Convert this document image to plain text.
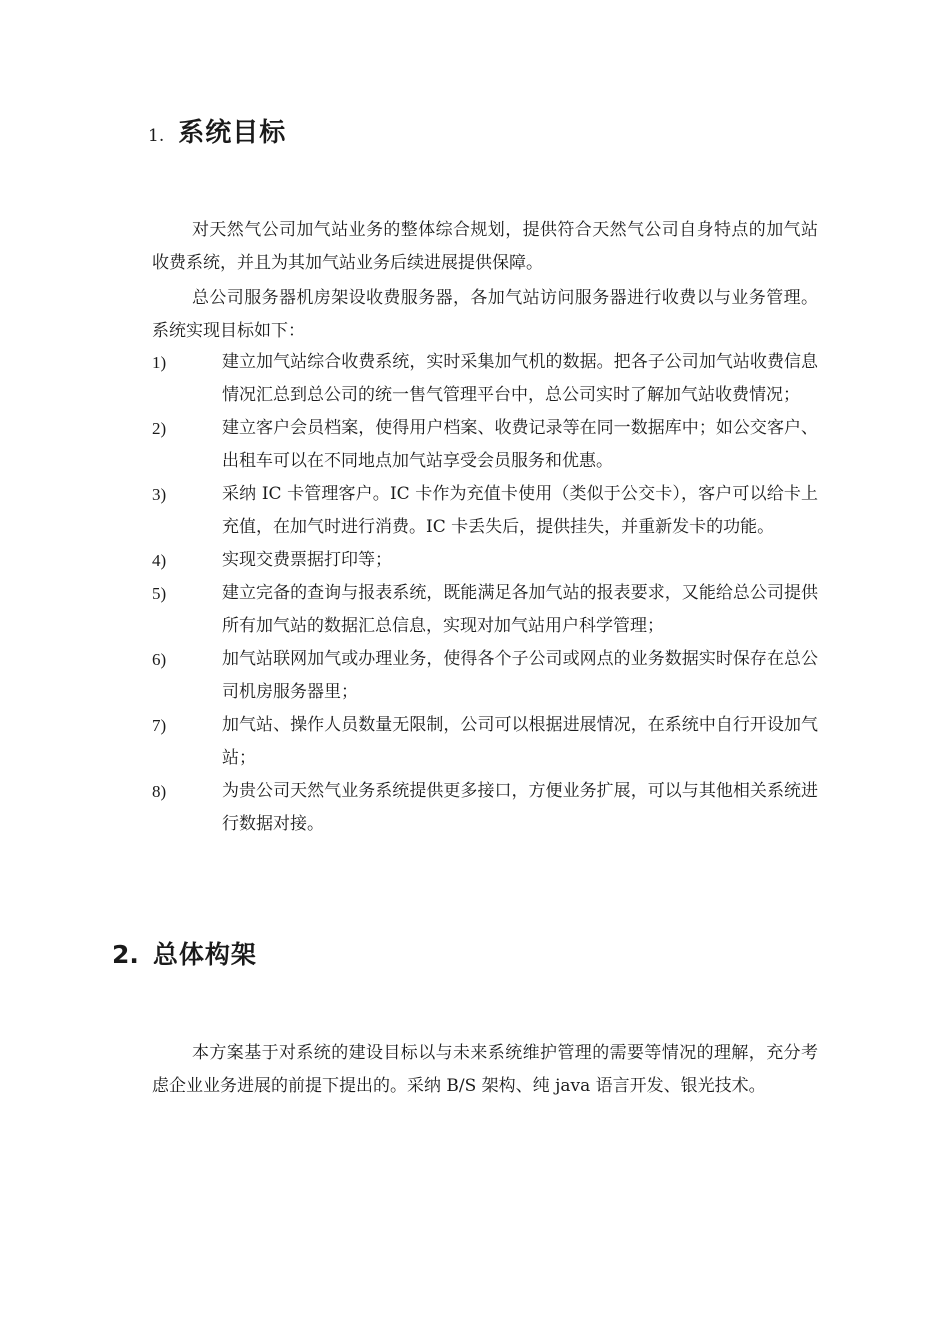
1. 系统目标
对天然气公司加气站业务的整体综合规划，提供符合天然气公司自身特点的加气站收费系统，并且为其加气站业务后续进展提供保障。
总公司服务器机房架设收费服务器，各加气站访问服务器进行收费以与业务管理。系统实现目标如下：
1)	建立加气站综合收费系统，实时采集加气机的数据。把各子公司加气站收费信息情况汇总到总公司的统一售气管理平台中，总公司实时了解加气站收费情况；
2)	建立客户会员档案，使得用户档案、收费记录等在同一数据库中；如公交客户、出租车可以在不同地点加气站享受会员服务和优惠。
3)	采纳 IC 卡管理客户。IC 卡作为充值卡使用（类似于公交卡），客户可以给卡上充值，在加气时进行消费。IC 卡丢失后，提供挂失，并重新发卡的功能。
4)	实现交费票据打印等；
5)	建立完备的查询与报表系统，既能满足各加气站的报表要求，又能给总公司提供所有加气站的数据汇总信息，实现对加气站用户科学管理；
6)	加气站联网加气或办理业务，使得各个子公司或网点的业务数据实时保存在总公司机房服务器里；
7)	加气站、操作人员数量无限制，公司可以根据进展情况，在系统中自行开设加气站；
8)	为贵公司天然气业务系统提供更多接口，方便业务扩展，可以与其他相关系统进行数据对接。
2. 总体构架
本方案基于对系统的建设目标以与未来系统维护管理的需要等情况的理解，充分考虑企业业务进展的前提下提出的。采纳 B/S 架构、纯 java 语言开发、银光技术。
